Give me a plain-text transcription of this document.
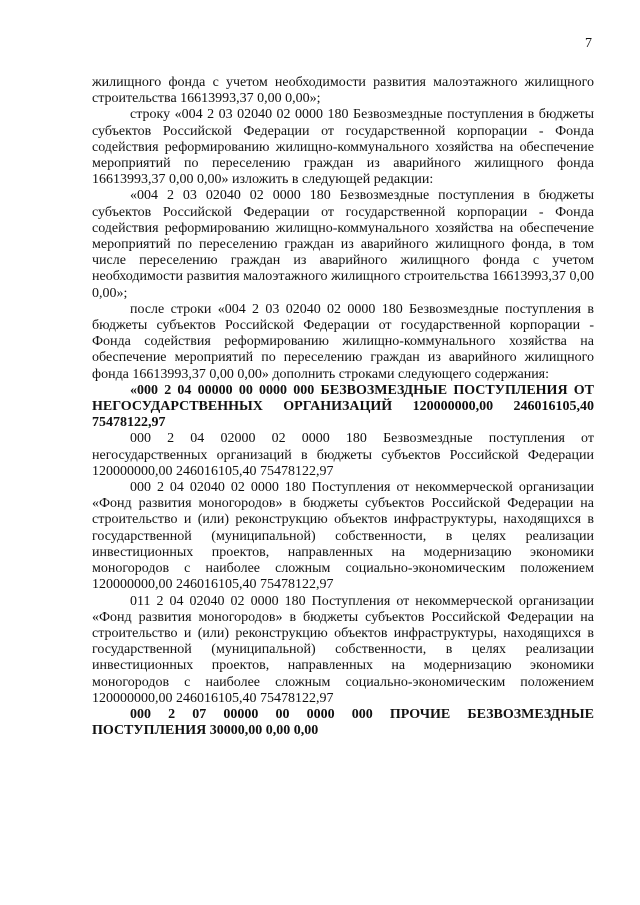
7

жилищного фонда с учетом необходимости развития малоэтажного жилищного строительства 16613993,37 0,00 0,00»;

строку «004 2 03 02040 02 0000 180 Безвозмездные поступления в бюджеты субъектов Российской Федерации от государственной корпорации - Фонда содействия реформированию жилищно-коммунального хозяйства на обеспечение мероприятий по переселению граждан из аварийного жилищного фонда 16613993,37 0,00 0,00» изложить в следующей редакции:

«004 2 03 02040 02 0000 180 Безвозмездные поступления в бюджеты субъектов Российской Федерации от государственной корпорации - Фонда содействия реформированию жилищно-коммунального хозяйства на обеспечение мероприятий по переселению граждан из аварийного жилищного фонда, в том числе переселению граждан из аварийного жилищного фонда с учетом необходимости развития малоэтажного жилищного строительства 16613993,37 0,00 0,00»;

после строки «004 2 03 02040 02 0000 180 Безвозмездные поступления в бюджеты субъектов Российской Федерации от государственной корпорации - Фонда содействия реформированию жилищно-коммунального хозяйства на обеспечение мероприятий по переселению граждан из аварийного жилищного фонда 16613993,37 0,00 0,00» дополнить строками следующего содержания:

«000 2 04 00000 00 0000 000 БЕЗВОЗМЕЗДНЫЕ ПОСТУПЛЕНИЯ ОТ НЕГОСУДАРСТВЕННЫХ ОРГАНИЗАЦИЙ 120000000,00 246016105,40 75478122,97

000 2 04 02000 02 0000 180 Безвозмездные поступления от негосударственных организаций в бюджеты субъектов Российской Федерации 120000000,00 246016105,40 75478122,97

000 2 04 02040 02 0000 180 Поступления от некоммерческой организации «Фонд развития моногородов» в бюджеты субъектов Российской Федерации на строительство и (или) реконструкцию объектов инфраструктуры, находящихся в государственной (муниципальной) собственности, в целях реализации инвестиционных проектов, направленных на модернизацию экономики моногородов с наиболее сложным социально-экономическим положением 120000000,00 246016105,40 75478122,97

011 2 04 02040 02 0000 180 Поступления от некоммерческой организации «Фонд развития моногородов» в бюджеты субъектов Российской Федерации на строительство и (или) реконструкцию объектов инфраструктуры, находящихся в государственной (муниципальной) собственности, в целях реализации инвестиционных проектов, направленных на модернизацию экономики моногородов с наиболее сложным социально-экономическим положением 120000000,00 246016105,40 75478122,97

000 2 07 00000 00 0000 000 ПРОЧИЕ БЕЗВОЗМЕЗДНЫЕ ПОСТУПЛЕНИЯ 30000,00 0,00 0,00
